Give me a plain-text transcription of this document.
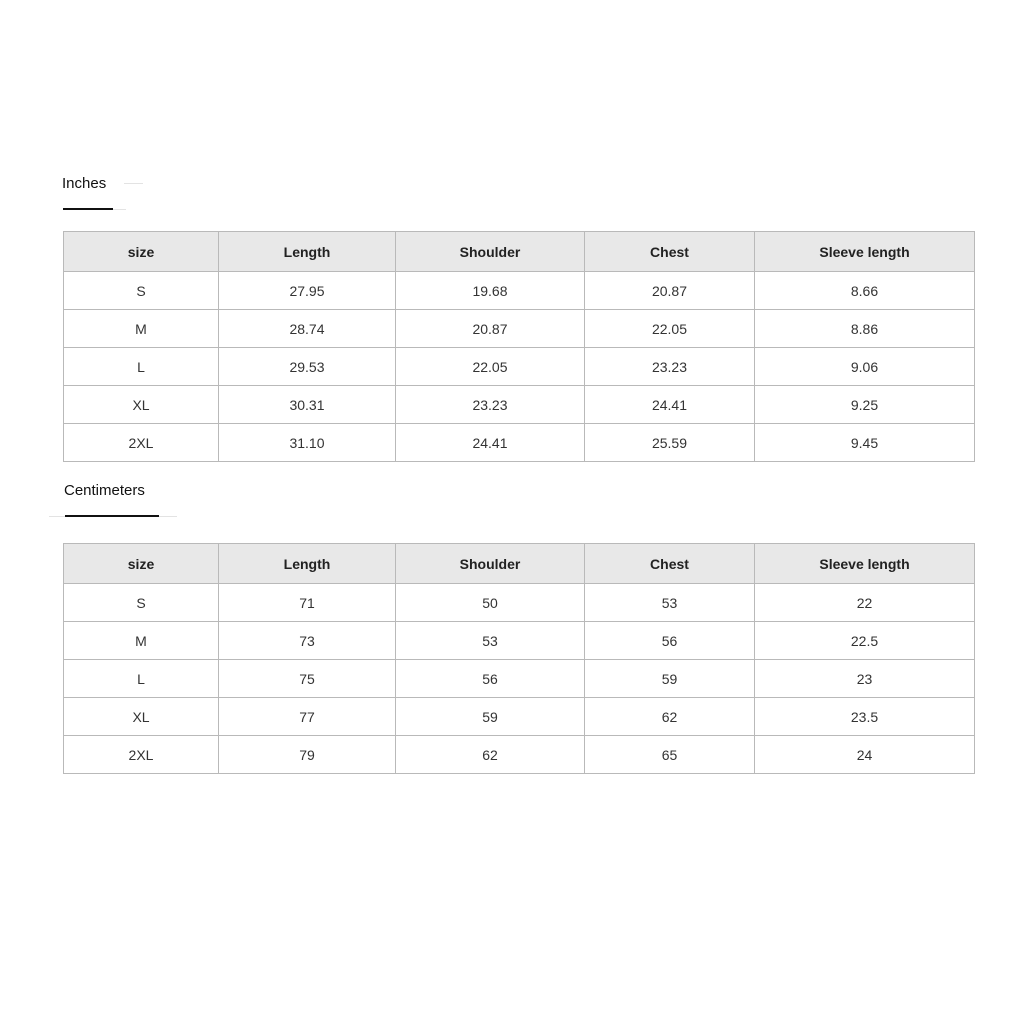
Inches
size	Length	Shoulder	Chest	Sleeve length
S	27.95	19.68	20.87	8.66
M	28.74	20.87	22.05	8.86
L	29.53	22.05	23.23	9.06
XL	30.31	23.23	24.41	9.25
2XL	31.10	24.41	25.59	9.45
Centimeters
size	Length	Shoulder	Chest	Sleeve length
S	71	50	53	22
M	73	53	56	22.5
L	75	56	59	23
XL	77	59	62	23.5
2XL	79	62	65	24
